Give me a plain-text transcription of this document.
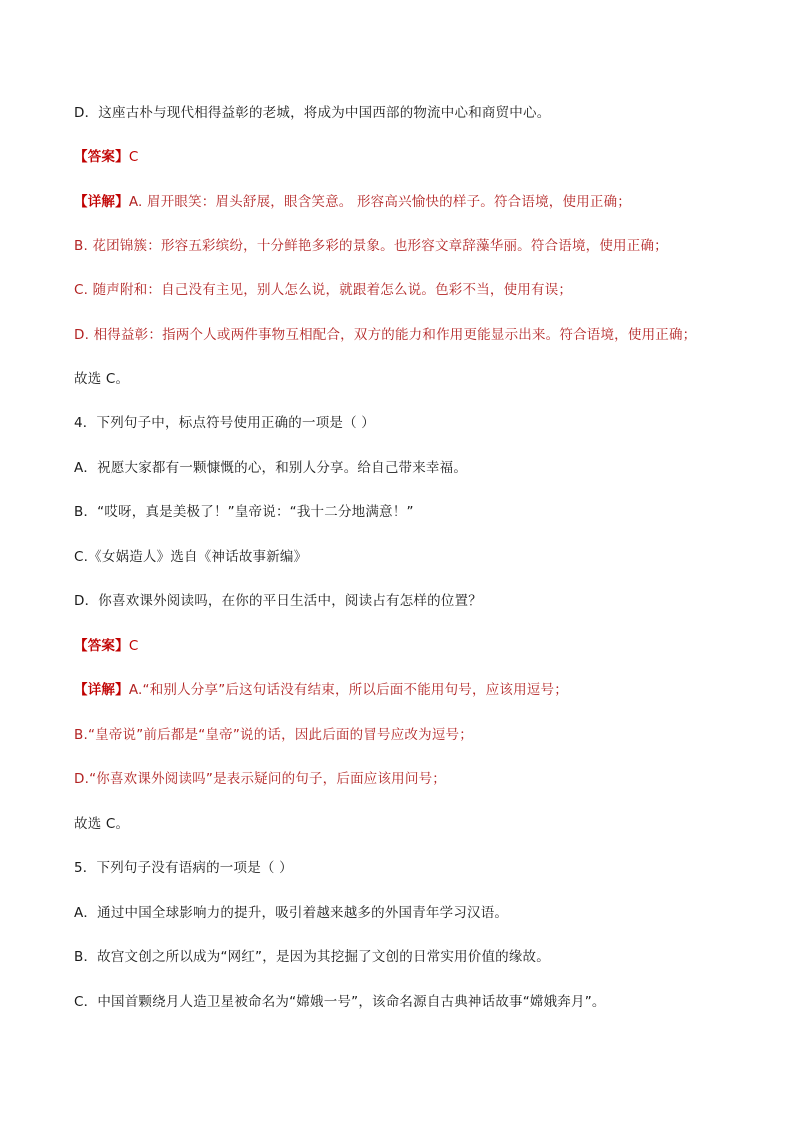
D．这座古朴与现代相得益彰的老城，将成为中国西部的物流中心和商贸中心。
【答案】C
【详解】A. 眉开眼笑：眉头舒展，眼含笑意。 形容高兴愉快的样子。符合语境，使用正确；
B. 花团锦簇：形容五彩缤纷，十分鲜艳多彩的景象。也形容文章辞藻华丽。符合语境，使用正确；
C. 随声附和：自己没有主见，别人怎么说，就跟着怎么说。色彩不当，使用有误；
D. 相得益彰：指两个人或两件事物互相配合，双方的能力和作用更能显示出来。符合语境，使用正确；
故选 C。
4．下列句子中，标点符号使用正确的一项是（ ）
A．祝愿大家都有一颗慷慨的心，和别人分享。给自己带来幸福。
B．“哎呀，真是美极了！”皇帝说：“我十二分地满意！”
C.《女娲造人》选自《神话故事新编》
D．你喜欢课外阅读吗，在你的平日生活中，阅读占有怎样的位置？
【答案】C
【详解】A.“和别人分享”后这句话没有结束，所以后面不能用句号，应该用逗号；
B.“皇帝说”前后都是“皇帝”说的话，因此后面的冒号应改为逗号；
D.“你喜欢课外阅读吗”是表示疑问的句子，后面应该用问号；
故选 C。
5．下列句子没有语病的一项是（ ）
A．通过中国全球影响力的提升，吸引着越来越多的外国青年学习汉语。
B．故宫文创之所以成为“网红”，是因为其挖掘了文创的日常实用价值的缘故。
C．中国首颗绕月人造卫星被命名为“嫦娥一号”，该命名源自古典神话故事“嫦娥奔月”。
